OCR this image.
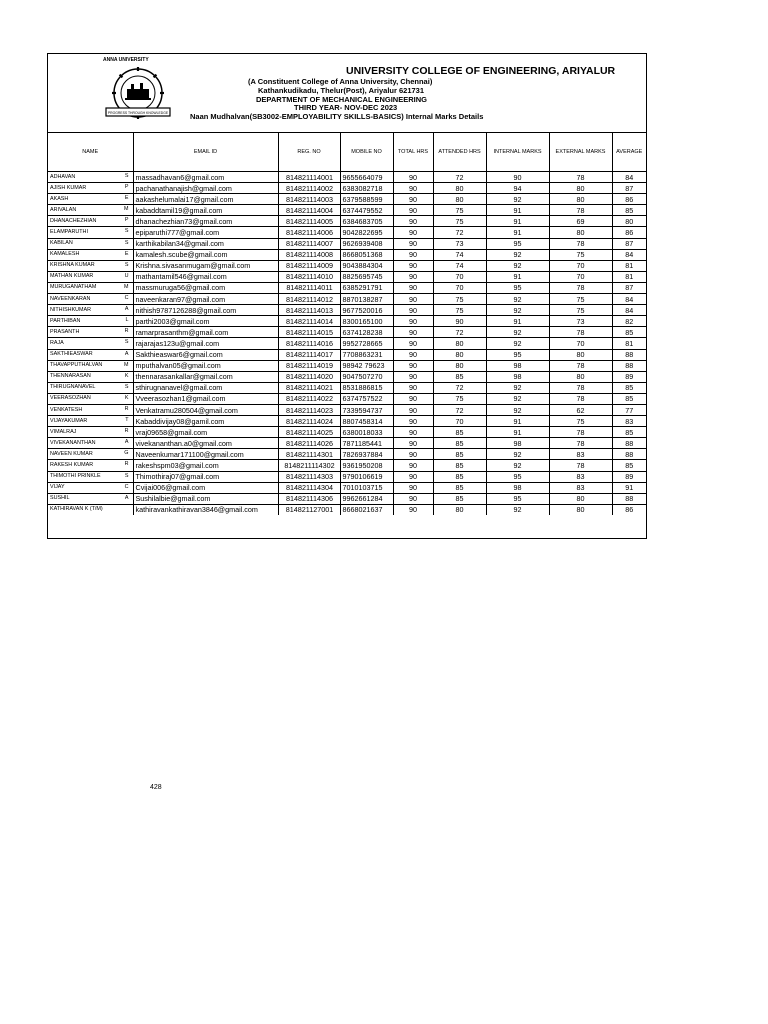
ANNA UNIVERSITY
PROGRESS THROUGH KNOWLEDGE
UNIVERSITY COLLEGE OF ENGINEERING, ARIYALUR
(A Constituent College of Anna University, Chennai)
Kathankudikadu, Thelur(Post), Ariyalur 621731
DEPARTMENT OF MECHANICAL ENGINEERING
THIRD YEAR- NOV-DEC 2023
Naan Mudhalvan(SB3002-EMPLOYABILITY SKILLS-BASICS) Internal Marks Details
NAME	EMAIL ID	REG. NO	MOBILE NO	TOTAL HRS	ATTENDED HRS	INTERNAL MARKS	EXTERNAL MARKS	AVERAGE
ADHAVAN S	massadhavan6@gmail.com	814821114001	9655664079	90	72	90	78	84
AJISH KUMAR P	pachanathanajish@gmail.com	814821114002	6383082718	90	80	94	80	87
AKASH E	aakashelumalai17@gmail.com	814821114003	6379588599	90	80	92	80	86
ARIVALAN M	kabaddtamil19@gmail.com	814821114004	6374479552	90	75	91	78	85
DHANACHEZHIAN P	dhanachezhian73@gmail.com	814821114005	6384683705	90	75	91	69	80
ELAMPARUTHI S	epiparuthi777@gmail.com	814821114006	9042822695	90	72	91	80	86
KABILAN S	karthikabilan34@gmail.com	814821114007	9626939408	90	73	95	78	87
KAMALESH E	kamalesh.scube@gmail.com	814821114008	8668051368	90	74	92	75	84
KRISHNA KUMAR S	Krishna.sivasanmugam@gmail.com	814821114009	9043884304	90	74	92	70	81
MATHAN KUMAR U	mathantamil546@gmail.com	814821114010	8825695745	90	70	91	70	81
MURUGANATHAM M	massmuruga56@gmail.com	814821114011	6385291791	90	70	95	78	87
NAVEENKARAN C	naveenkaran97@gmail.com	814821114012	8870138287	90	75	92	75	84
NITHISHKUMAR A	nithish9787126288@gmail.com	814821114013	9677520016	90	75	92	75	84
PARTHIBAN L	parthi2003@gmail.com	814821114014	8300165100	90	90	91	73	82
PRASANTH R	ramarprasanthm@gmail.com	814821114015	6374128238	90	72	92	78	85
RAJA S	rajarajas123u@gmail.com	814821114016	9952728665	90	80	92	70	81
SAKTHIEASWAR A	Sakthieaswar6@gmail.com	814821114017	7708863231	90	80	95	80	88
THAVAPPUTHALVAN M	mputhalvan05@gmail.com	814821114019	98942 79623	90	80	98	78	88
THENNARASAN K	thennarasankallar@gmail.com	814821114020	9047507270	90	85	98	80	89
THIRUGNANAVEL S	sthirugnanavel@gmail.com	814821114021	8531886815	90	72	92	78	85
VEERASOZHAN K	Vveerasozhan1@gmail.com	814821114022	6374757522	90	75	92	78	85
VENKATESH R	Venkatramu280504@gmail.com	814821114023	7339594737	90	72	92	62	77
VIJAYAKUMAR T	Kabaddivijay08@gamil.com	814821114024	8807458314	90	70	91	75	83
VIMALRAJ R	vraj09658@gmail.com	814821114025	6380018033	90	85	91	78	85
VIVEKANANTHAN A	vivekananthan.a0@gmail.com	814821114026	7871185441	90	85	98	78	88
NAVEEN KUMAR G	Naveenkumar171100@gmail.com	814821114301	7826937884	90	85	92	83	88
RAKESH KUMAR R	rakeshspm03@gmail.com	8148211114302	9361950208	90	85	92	78	85
THIMOTHI PRINKLE S	Thimothiraj07@gmail.com	814821114303	9790106619	90	85	95	83	89
VIJAY C	Cvijai006@gmail.com	814821114304	7010103715	90	85	98	83	91
SUSHIL A	Sushilalbie@gmail.com	814821114306	9962661284	90	85	95	80	88
KATHIRAVAN K (T/M)	kathiravankathiravan3846@gmail.com	814821127001	8668021637	90	80	92	80	86
428
